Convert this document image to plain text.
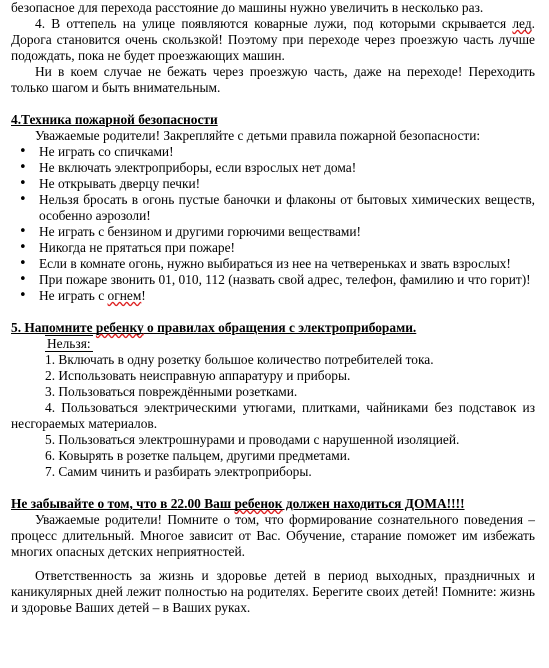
безопасное для перехода расстояние до машины нужно увеличить в несколько раз.

4. В оттепель на улице появляются коварные лужи, под которыми скрывается лед. Дорога становится очень скользкой! Поэтому при переходе через проезжую часть лучше подождать, пока не будет проезжающих машин.

Ни в коем случае не бежать через проезжую часть, даже на переходе! Переходить только шагом и быть внимательным.

4.Техника пожарной безопасности

Уважаемые родители! Закрепляйте с детьми правила пожарной безопасности:

• Не играть со спичками!
• Не включать электроприборы, если взрослых нет дома!
• Не открывать дверцу печки!
• Нельзя бросать в огонь пустые баночки и флаконы от бытовых химических веществ, особенно аэрозоли!
• Не играть с бензином и другими горючими веществами!
• Никогда не прятаться при пожаре!
• Если в комнате огонь, нужно выбираться из нее на четвереньках и звать взрослых!
• При пожаре звонить 01, 010, 112 (назвать свой адрес, телефон, фамилию и что горит)!
• Не играть с огнем!

5. Напомните ребенку о правилах обращения с электроприборами.

Нельзя:

1. Включать в одну розетку большое количество потребителей тока.

2. Использовать неисправную аппаратуру и приборы.

3. Пользоваться повреждёнными розетками.

4. Пользоваться электрическими утюгами, плитками, чайниками без подставок из несгораемых материалов.

5. Пользоваться электрошнурами и проводами с нарушенной изоляцией.

6. Ковырять в розетке пальцем, другими предметами.

7. Самим чинить и разбирать электроприборы.

Не забывайте о том, что в 22.00 Ваш ребенок должен находиться ДОМА!!!!

Уважаемые родители! Помните о том, что формирование сознательного поведения – процесс длительный. Многое зависит от Вас. Обучение, старание поможет им избежать многих опасных детских неприятностей.

Ответственность за жизнь и здоровье детей в период выходных, праздничных и каникулярных дней лежит полностью на родителях. Берегите своих детей! Помните: жизнь и здоровье Ваших детей – в Ваших руках.
